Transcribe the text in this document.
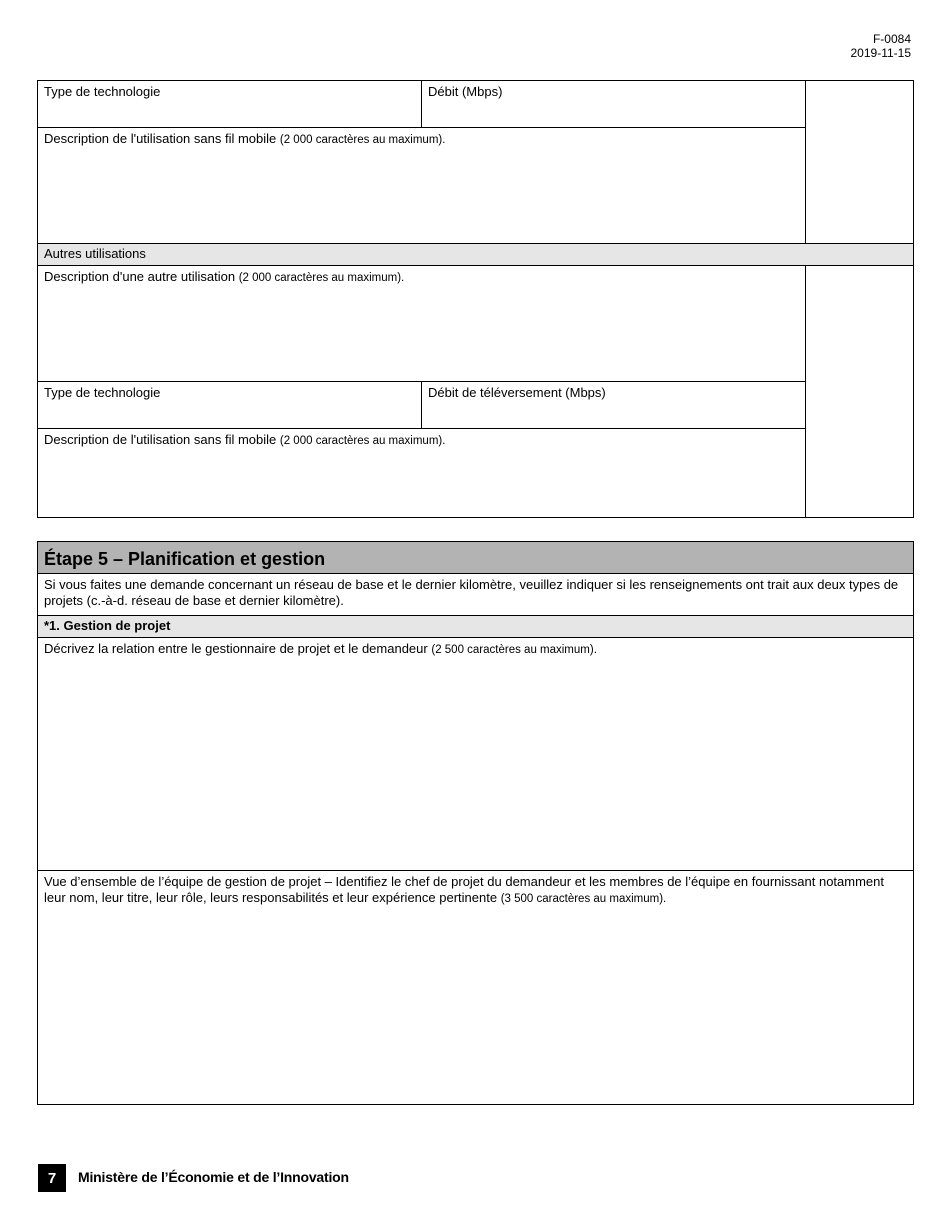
F-0084
2019-11-15
Type de technologie	Débit (Mbps)
Description de l'utilisation sans fil mobile (2 000 caractères au maximum).
Autres utilisations
Description d'une autre utilisation (2 000 caractères au maximum).
Type de technologie	Débit de téléversement (Mbps)
Description de l'utilisation sans fil mobile (2 000 caractères au maximum).
Étape 5 – Planification et gestion
Si vous faites une demande concernant un réseau de base et le dernier kilomètre, veuillez indiquer si les renseignements ont trait aux deux types de projets (c.-à-d. réseau de base et dernier kilomètre).
*1. Gestion de projet
Décrivez la relation entre le gestionnaire de projet et le demandeur (2 500 caractères au maximum).
Vue d’ensemble de l’équipe de gestion de projet – Identifiez le chef de projet du demandeur et les membres de l’équipe en fournissant notamment leur nom, leur titre, leur rôle, leurs responsabilités et leur expérience pertinente (3 500 caractères au maximum).
7	Ministère de l’Économie et de l’Innovation
